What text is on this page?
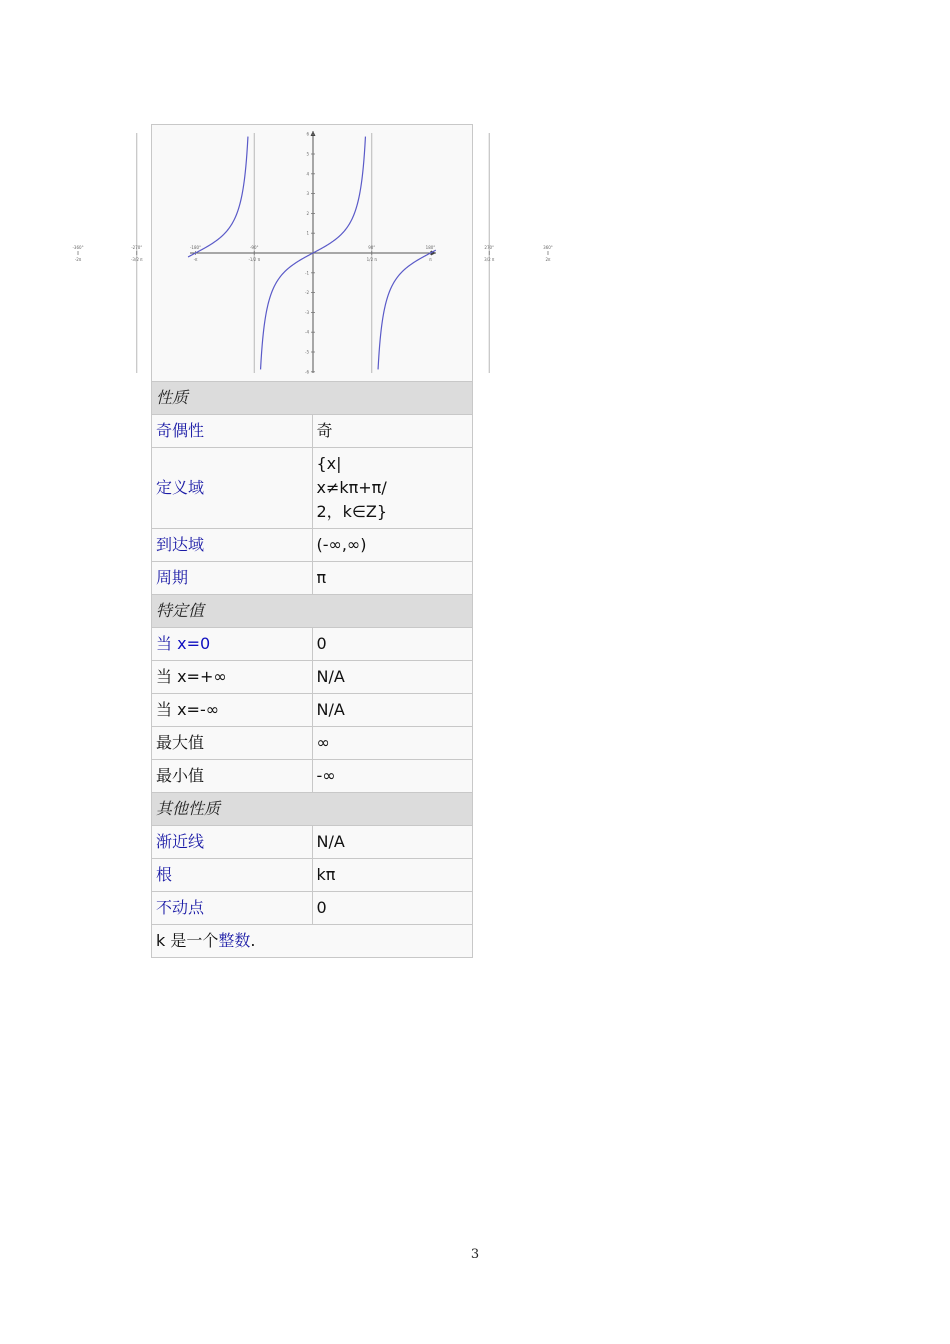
6
5
4
3
2
1
-1
-2
-3
-4
-5
-6
-360°
-2π
-270°
-3/2 π
-180°
-π
-90°
-1/2 π
90°
1/2 π
180°
π
270°
3/2 π
360°
2π
性质	
奇偶性	奇
定义域	{x|
x≠kπ+π/
2，k∈Z}

到达域	(-∞,∞)
周期	π
特定值	
当 x=0	0
当 x=+∞	N/A
当 x=-∞	N/A
最大值	∞
最小值	-∞
其他性质	
渐近线	N/A
根	kπ
不动点	0
k 是一个整数.	
3
